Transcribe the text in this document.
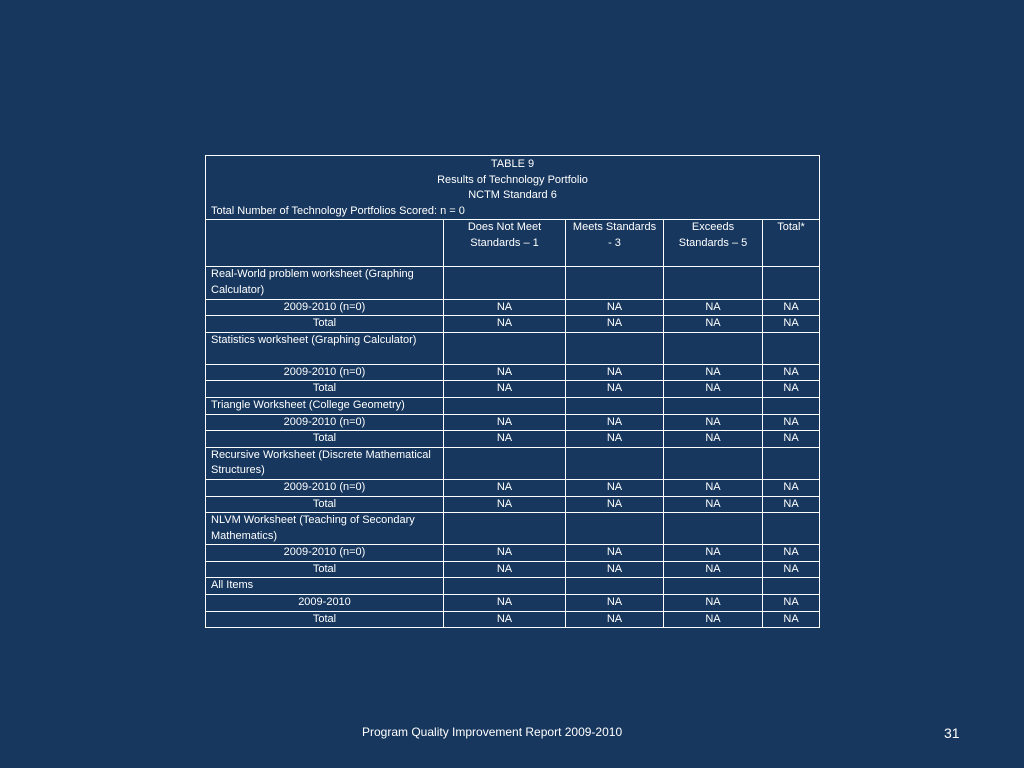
TABLE 9
Results of Technology Portfolio
NCTM Standard 6				

Total Number of Technology Portfolios Scored: n = 0				
	Does Not Meet Standards – 1	Meets Standards - 3	Exceeds Standards – 5	Total*
Real-World problem worksheet (Graphing Calculator)				
2009-2010 (n=0)	NA	NA	NA	NA
Total	NA	NA	NA	NA
Statistics worksheet (Graphing Calculator)				
2009-2010 (n=0)	NA	NA	NA	NA
Total	NA	NA	NA	NA
Triangle Worksheet (College Geometry)				
2009-2010 (n=0)	NA	NA	NA	NA
Total	NA	NA	NA	NA
Recursive Worksheet (Discrete Mathematical Structures)				
2009-2010 (n=0)	NA	NA	NA	NA
Total	NA	NA	NA	NA
NLVM Worksheet (Teaching of Secondary Mathematics)				
2009-2010 (n=0)	NA	NA	NA	NA
Total	NA	NA	NA	NA
All Items				
2009-2010	NA	NA	NA	NA
Total	NA	NA	NA	NA
Program Quality Improvement Report 2009-2010	31
